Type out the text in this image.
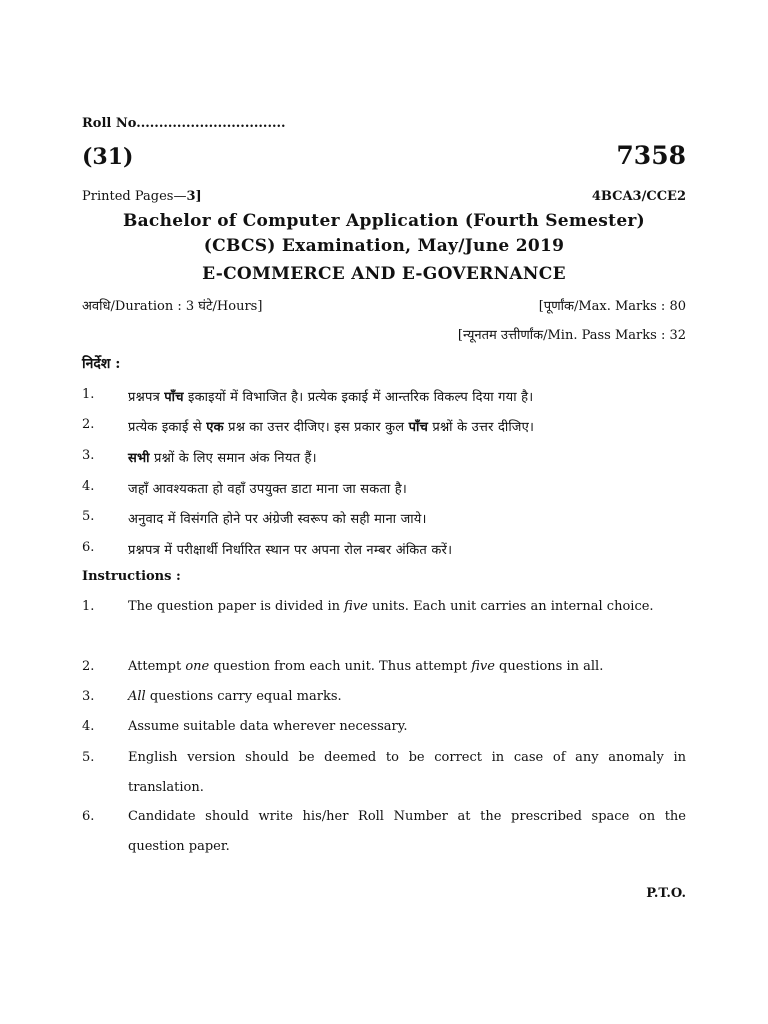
Roll No.................................
(31)	7358
Printed Pages—3]	4BCA3/CCE2
Bachelor of Computer Application (Fourth Semester)
(CBCS) Examination, May/June 2019
E-COMMERCE AND E-GOVERNANCE
अवधि/Duration : 3 घंटे/Hours]	[पूर्णांक/Max. Marks : 80
[न्यूनतम उत्तीर्णांक/Min. Pass Marks : 32
निर्देश :
1.	प्रश्नपत्र पाँच इकाइयों में विभाजित है। प्रत्येक इकाई में आन्तरिक विकल्प दिया गया है।
2.	प्रत्येक इकाई से एक प्रश्न का उत्तर दीजिए। इस प्रकार कुल पाँच प्रश्नों के उत्तर दीजिए।
3.	सभी प्रश्नों के लिए समान अंक नियत हैं।
4.	जहाँ आवश्यकता हो वहाँ उपयुक्त डाटा माना जा सकता है।
5.	अनुवाद में विसंगति होने पर अंग्रेजी स्वरूप को सही माना जाये।
6.	प्रश्नपत्र में परीक्षार्थी निर्धारित स्थान पर अपना रोल नम्बर अंकित करें।
Instructions :
1.	The question paper is divided in five units. Each unit carries an internal choice.
2.	Attempt one question from each unit. Thus attempt five questions in all.
3.	All questions carry equal marks.
4.	Assume suitable data wherever necessary.
5.	English version should be deemed to be correct in case of any anomaly in translation.
6.	Candidate should write his/her Roll Number at the prescribed space on the question paper.
P.T.O.
